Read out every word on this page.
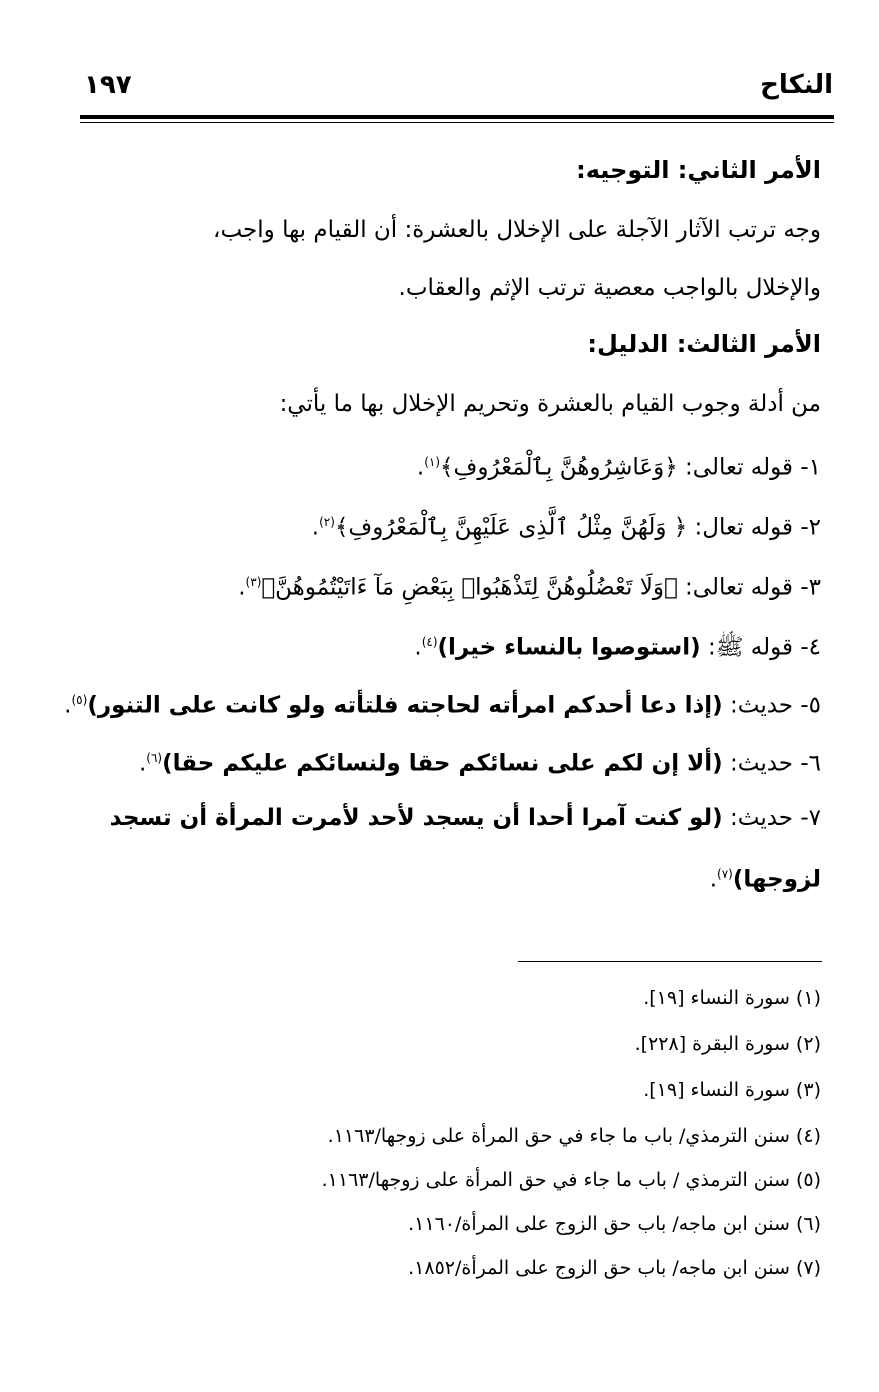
النكاح
١٩٧
الأمر الثاني: التوجيه:
وجه ترتب الآثار الآجلة على الإخلال بالعشرة: أن القيام بها واجب،
والإخلال بالواجب معصية ترتب الإثم والعقاب.
الأمر الثالث: الدليل:
من أدلة وجوب القيام بالعشرة وتحريم الإخلال بها ما يأتي:
١- قوله تعالى: ﴿وَعَاشِرُوهُنَّ بِٱلْمَعْرُوفِ﴾$^{(١)}$.
٢- قوله تعال: ﴿ وَلَهُنَّ مِثْلُ ٱلَّذِى عَلَيْهِنَّ بِٱلْمَعْرُوفِ﴾$^{(٢)}$.
٣- قوله تعالى: ﴿وَلَا تَعْضُلُوهُنَّ لِتَذْهَبُوا۟ بِبَعْضِ مَآ ءَاتَيْتُمُوهُنَّ﴾$^{(٣)}$.
٤- قوله ﷺ: (استوصوا بالنساء خيرا)$^{(٤)}$.
٥- حديث: (إذا دعا أحدكم امرأته لحاجته فلتأته ولو كانت على التنور)$^{(٥)}$.
٦- حديث: (ألا إن لكم على نسائكم حقا ولنسائكم عليكم حقا)$^{(٦)}$.
٧- حديث: (لو كنت آمرا أحدا أن يسجد لأحد لأمرت المرأة أن تسجد
لزوجها)$^{(٧)}$.
(١) سورة النساء [١٩].
(٢) سورة البقرة [٢٢٨].
(٣) سورة النساء [١٩].
(٤) سنن الترمذي/ باب ما جاء في حق المرأة على زوجها/١١٦٣.
(٥) سنن الترمذي / باب ما جاء في حق المرأة على زوجها/١١٦٣.
(٦) سنن ابن ماجه/ باب حق الزوج على المرأة/١١٦٠.
(٧) سنن ابن ماجه/ باب حق الزوج على المرأة/١٨٥٢.
